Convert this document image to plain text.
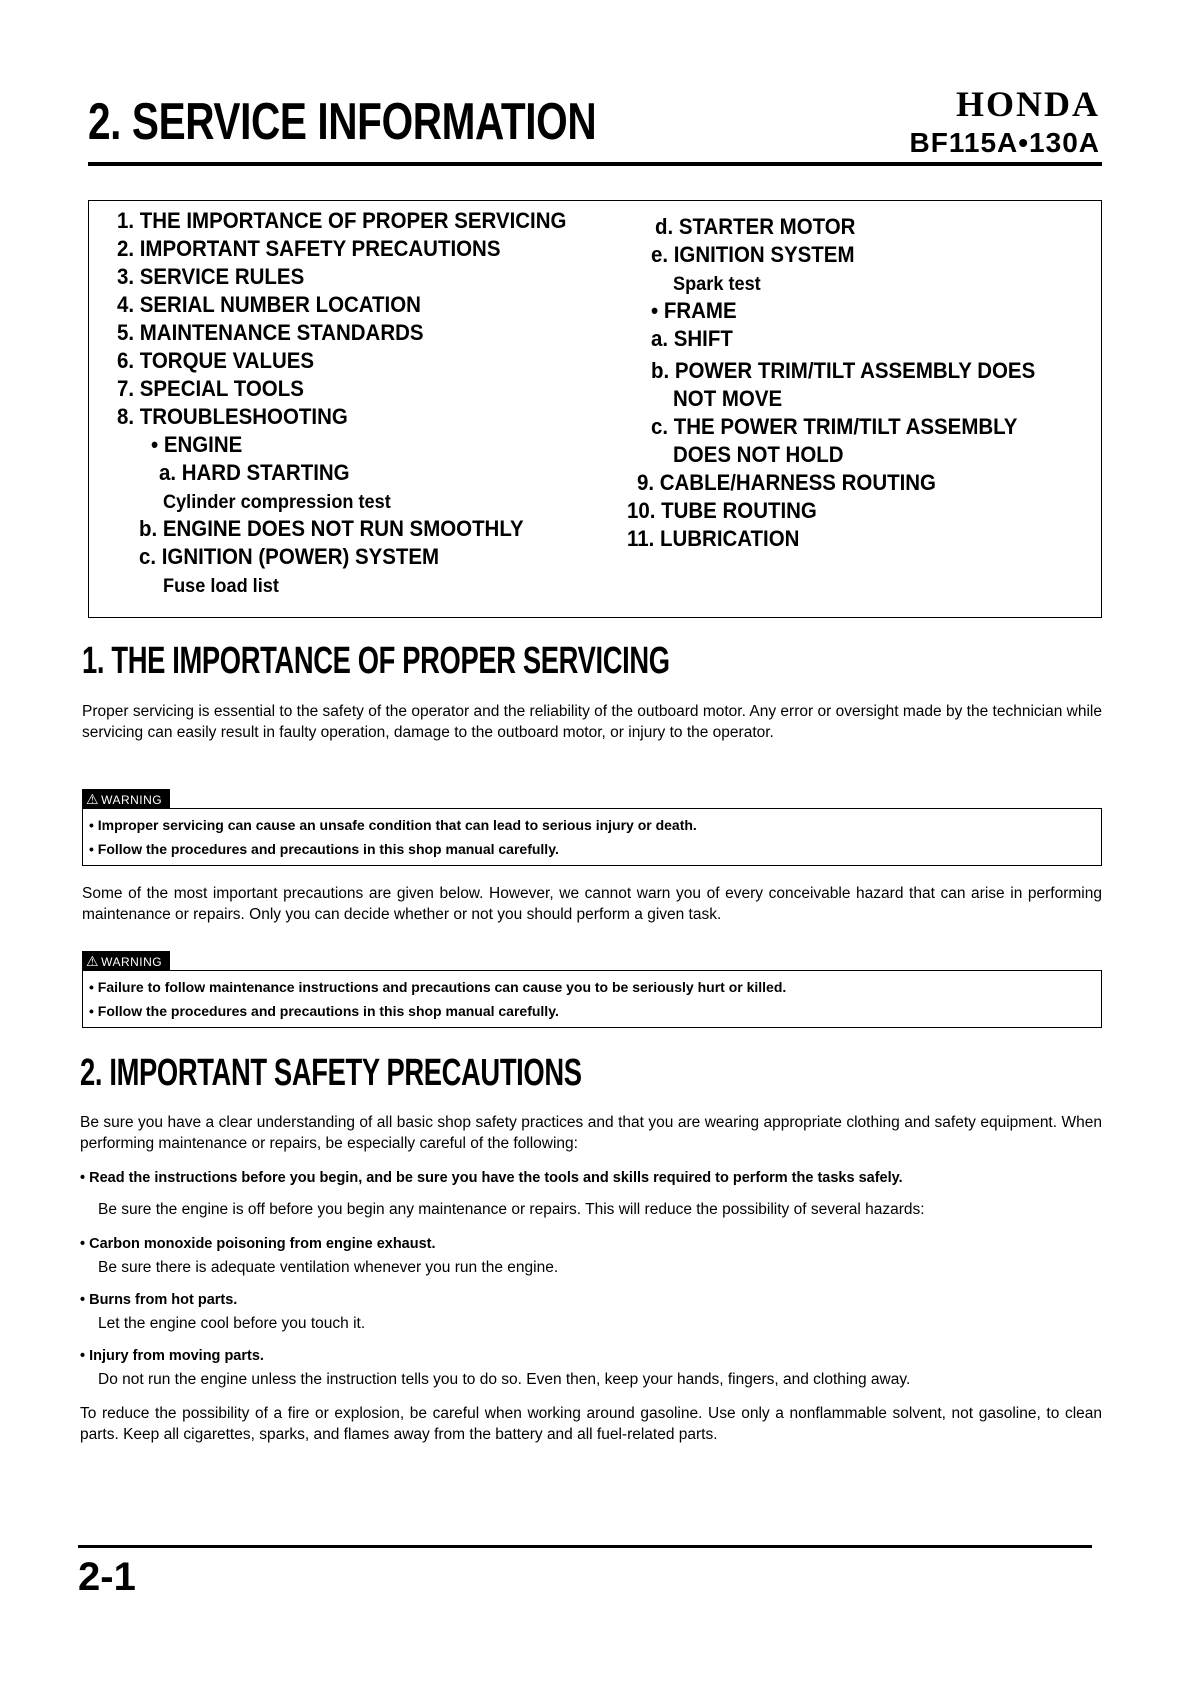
2. SERVICE INFORMATION	HONDA
BF115A•130A
1. THE IMPORTANCE OF PROPER SERVICING
2. IMPORTANT SAFETY PRECAUTIONS
3. SERVICE RULES
4. SERIAL NUMBER LOCATION
5. MAINTENANCE STANDARDS
6. TORQUE VALUES
7. SPECIAL TOOLS
8. TROUBLESHOOTING
• ENGINE
a. HARD STARTING
Cylinder compression test
b. ENGINE DOES NOT RUN SMOOTHLY
c. IGNITION (POWER) SYSTEM
Fuse load list
d. STARTER MOTOR
e. IGNITION SYSTEM
Spark test
• FRAME
a. SHIFT
b. POWER TRIM/TILT ASSEMBLY DOES
NOT MOVE
c. THE POWER TRIM/TILT ASSEMBLY
DOES NOT HOLD
9. CABLE/HARNESS ROUTING
10. TUBE ROUTING
11. LUBRICATION
1. THE IMPORTANCE OF PROPER SERVICING
Proper servicing is essential to the safety of the operator and the reliability of the outboard motor. Any error or oversight made by the technician while servicing can easily result in faulty operation, damage to the outboard motor, or injury to the operator.
⚠ WARNING
• Improper servicing can cause an unsafe condition that can lead to serious injury or death.
• Follow the procedures and precautions in this shop manual carefully.
Some of the most important precautions are given below. However, we cannot warn you of every conceivable hazard that can arise in performing maintenance or repairs. Only you can decide whether or not you should perform a given task.
⚠ WARNING
• Failure to follow maintenance instructions and precautions can cause you to be seriously hurt or killed.
• Follow the procedures and precautions in this shop manual carefully.
2. IMPORTANT SAFETY PRECAUTIONS
Be sure you have a clear understanding of all basic shop safety practices and that you are wearing appropriate clothing and safety equipment. When performing maintenance or repairs, be especially careful of the following:
• Read the instructions before you begin, and be sure you have the tools and skills required to perform the tasks safely.
Be sure the engine is off before you begin any maintenance or repairs. This will reduce the possibility of several hazards:
• Carbon monoxide poisoning from engine exhaust.
Be sure there is adequate ventilation whenever you run the engine.
• Burns from hot parts.
Let the engine cool before you touch it.
• Injury from moving parts.
Do not run the engine unless the instruction tells you to do so. Even then, keep your hands, fingers, and clothing away.
To reduce the possibility of a fire or explosion, be careful when working around gasoline. Use only a nonflammable solvent, not gasoline, to clean parts. Keep all cigarettes, sparks, and flames away from the battery and all fuel-related parts.
2-1
